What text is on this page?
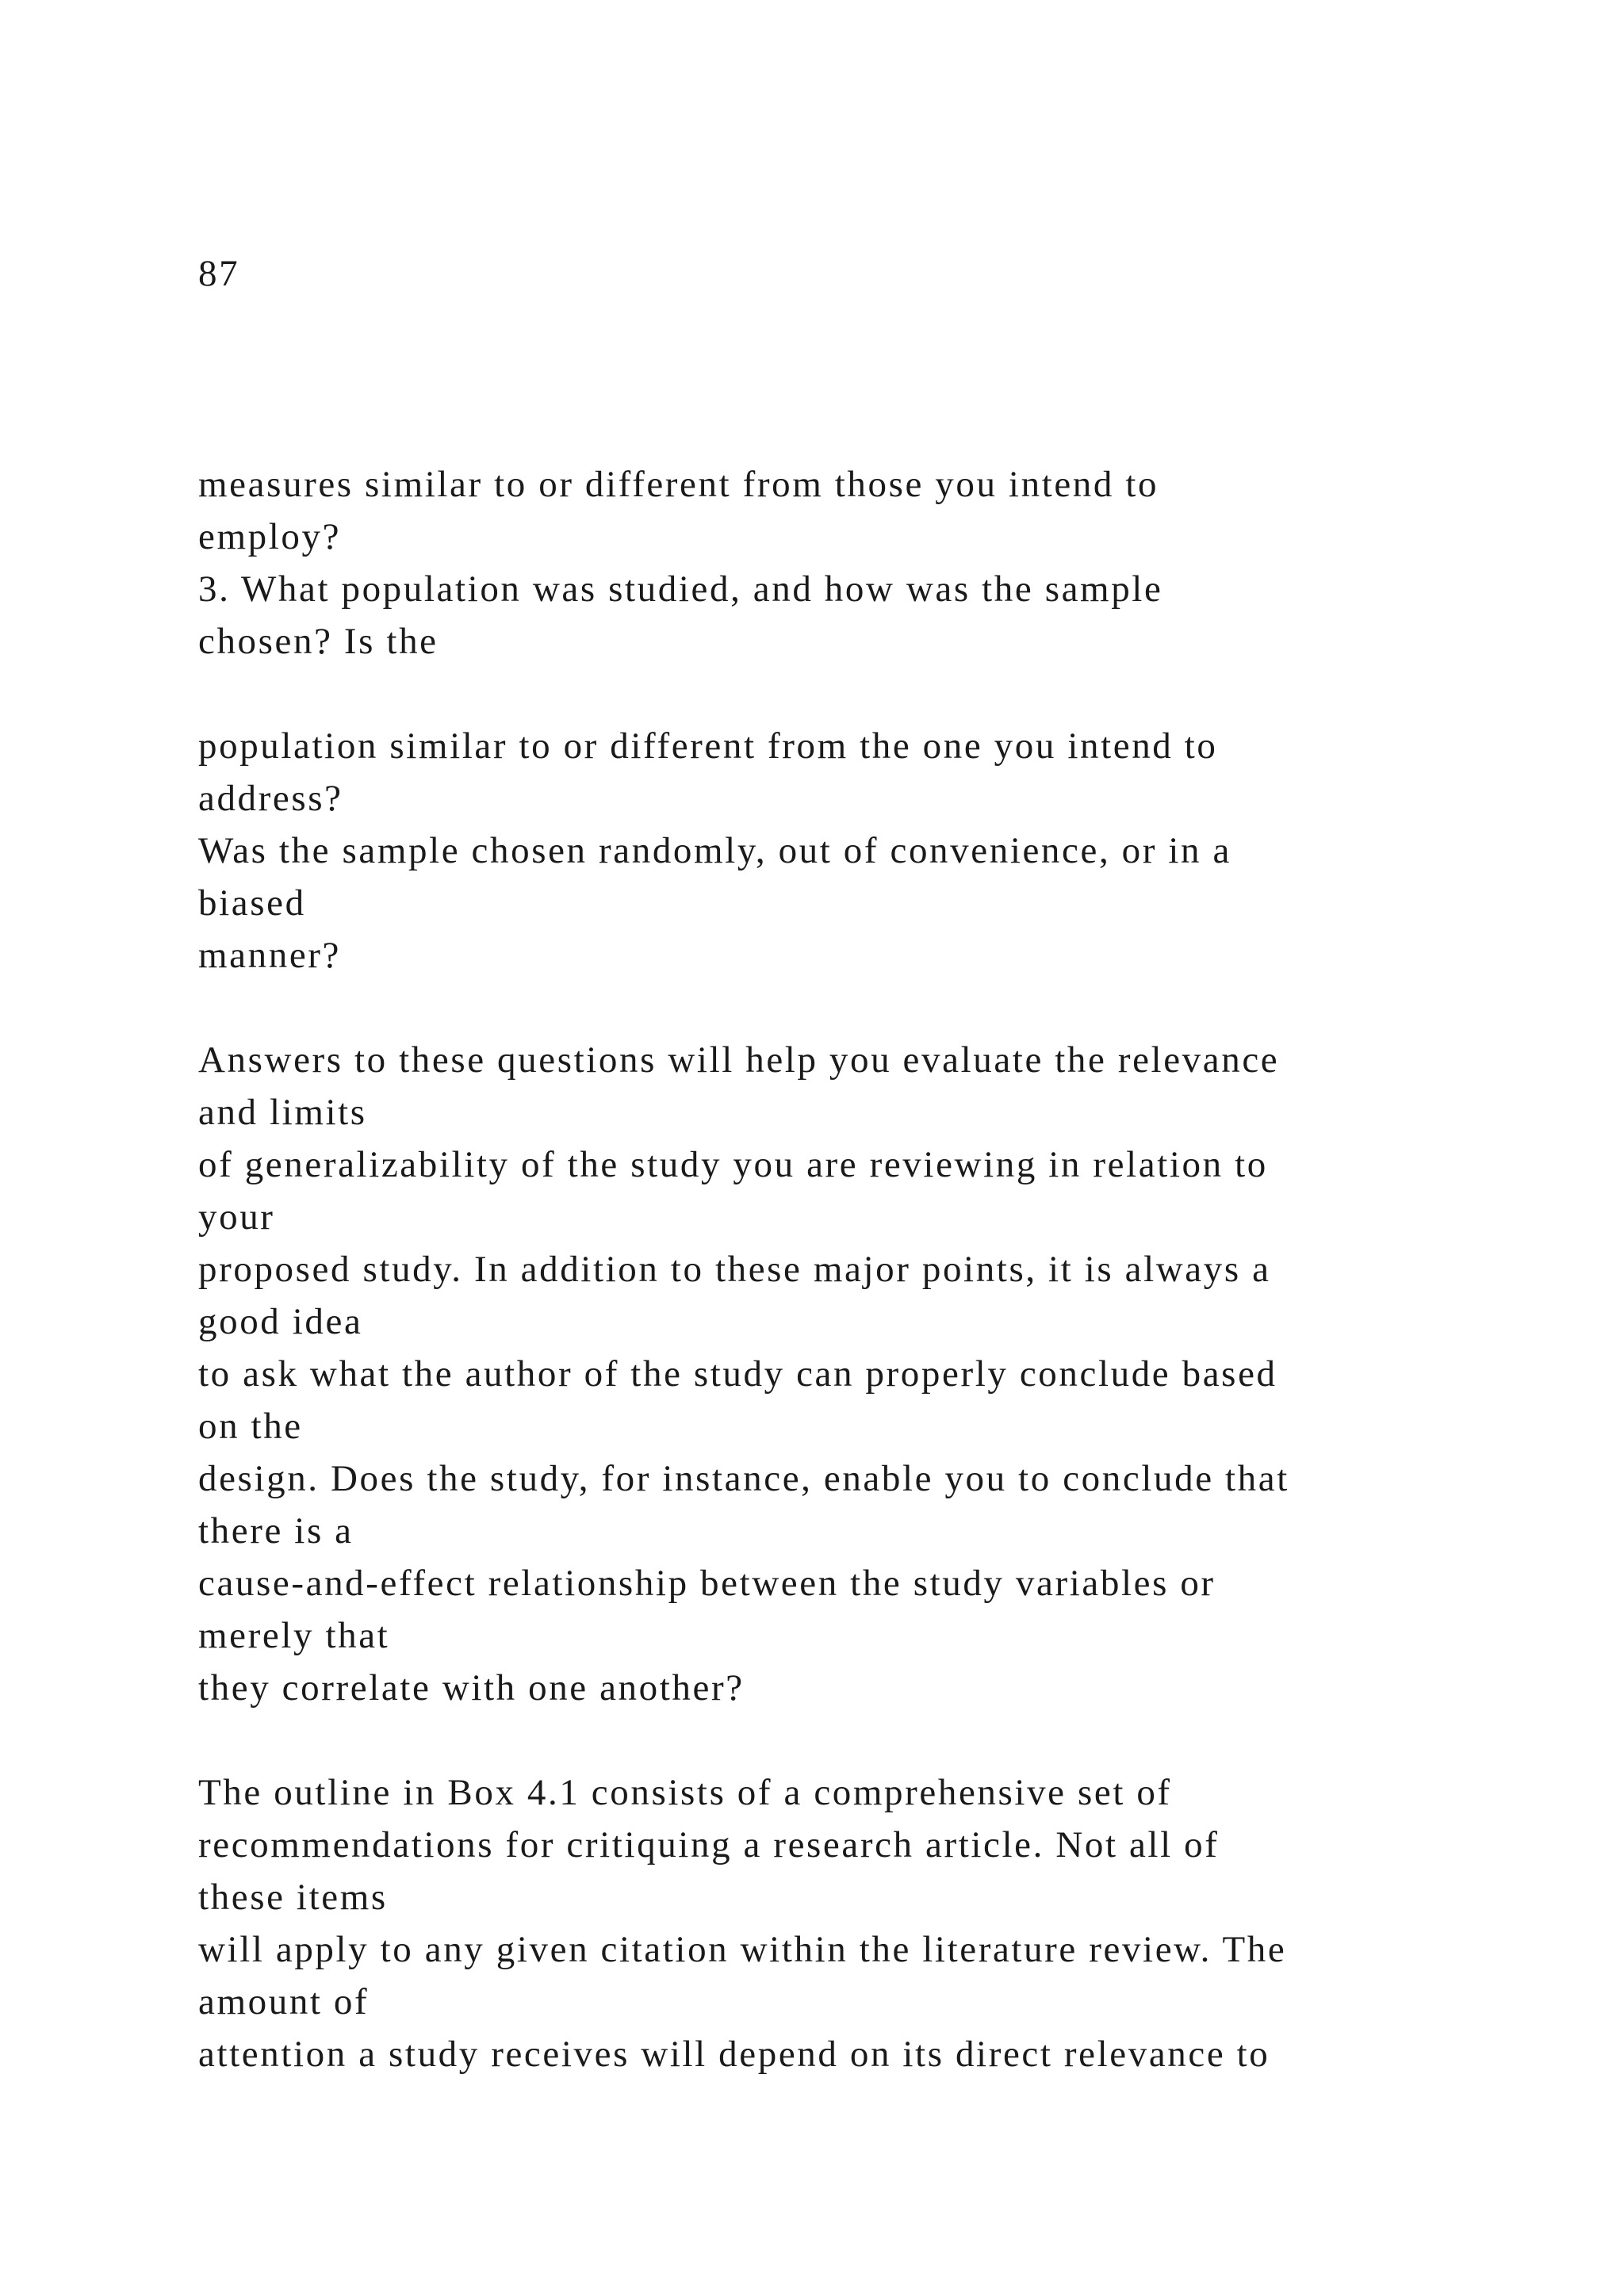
87

measures similar to or different from those you intend to
employ?
3. What population was studied, and how was the sample
chosen? Is the
population similar to or different from the one you intend to
address?
Was the sample chosen randomly, out of convenience, or in a
biased
manner?
Answers to these questions will help you evaluate the relevance
and limits
of generalizability of the study you are reviewing in relation to
your
proposed study. In addition to these major points, it is always a
good idea
to ask what the author of the study can properly conclude based
on the
design. Does the study, for instance, enable you to conclude that
there is a
cause-and-effect relationship between the study variables or
merely that
they correlate with one another?
The outline in Box 4.1 consists of a comprehensive set of
recommendations for critiquing a research article. Not all of
these items
will apply to any given citation within the literature review. The
amount of
attention a study receives will depend on its direct relevance to
